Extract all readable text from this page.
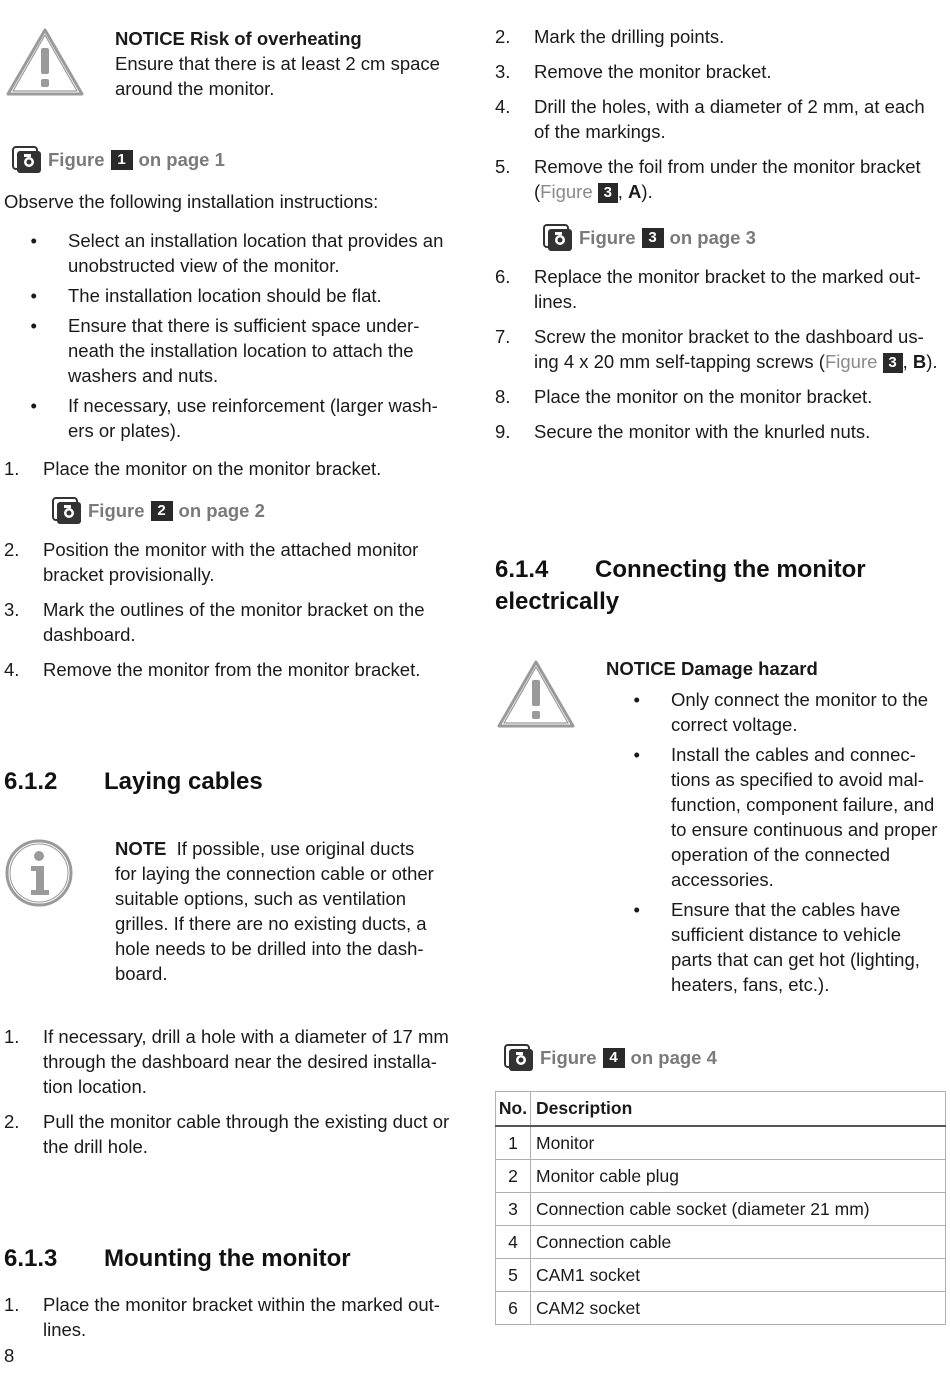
NOTICE Risk of overheating
Ensure that there is at least 2 cm space around the monitor.
Figure 1 on page 1
Observe the following installation instructions:
•	Select an installation location that provides an unobstructed view of the monitor.
•	The installation location should be flat.
•	Ensure that there is sufficient space underneath the installation location to attach the washers and nuts.
•	If necessary, use reinforcement (larger washers or plates).
1.	Place the monitor on the monitor bracket.
Figure 2 on page 2
2.	Position the monitor with the attached monitor bracket provisionally.
3.	Mark the outlines of the monitor bracket on the dashboard.
4.	Remove the monitor from the monitor bracket.
6.1.2 Laying cables
NOTE If possible, use original ducts for laying the connection cable or other suitable options, such as ventilation grilles. If there are no existing ducts, a hole needs to be drilled into the dashboard.
1.	If necessary, drill a hole with a diameter of 17 mm through the dashboard near the desired installation location.
2.	Pull the monitor cable through the existing duct or the drill hole.
6.1.3 Mounting the monitor
1.	Place the monitor bracket within the marked outlines.
8
2.	Mark the drilling points.
3.	Remove the monitor bracket.
4.	Drill the holes, with a diameter of 2 mm, at each of the markings.
5.	Remove the foil from under the monitor bracket (Figure 3 , A).
Figure 3 on page 3
6.	Replace the monitor bracket to the marked outlines.
7.	Screw the monitor bracket to the dashboard using 4 x 20 mm self-tapping screws (Figure 3 , B).
8.	Place the monitor on the monitor bracket.
9.	Secure the monitor with the knurled nuts.
6.1.4 Connecting the monitor
electrically
NOTICE Damage hazard
•	Only connect the monitor to the correct voltage.
•	Install the cables and connections as specified to avoid malfunction, component failure, and to ensure continuous and proper operation of the connected accessories.
•	Ensure that the cables have sufficient distance to vehicle parts that can get hot (lighting, heaters, fans, etc.).
Figure 4 on page 4
No.	Description
1	Monitor
2	Monitor cable plug
3	Connection cable socket (diameter 21 mm)
4	Connection cable
5	CAM1 socket
6	CAM2 socket
